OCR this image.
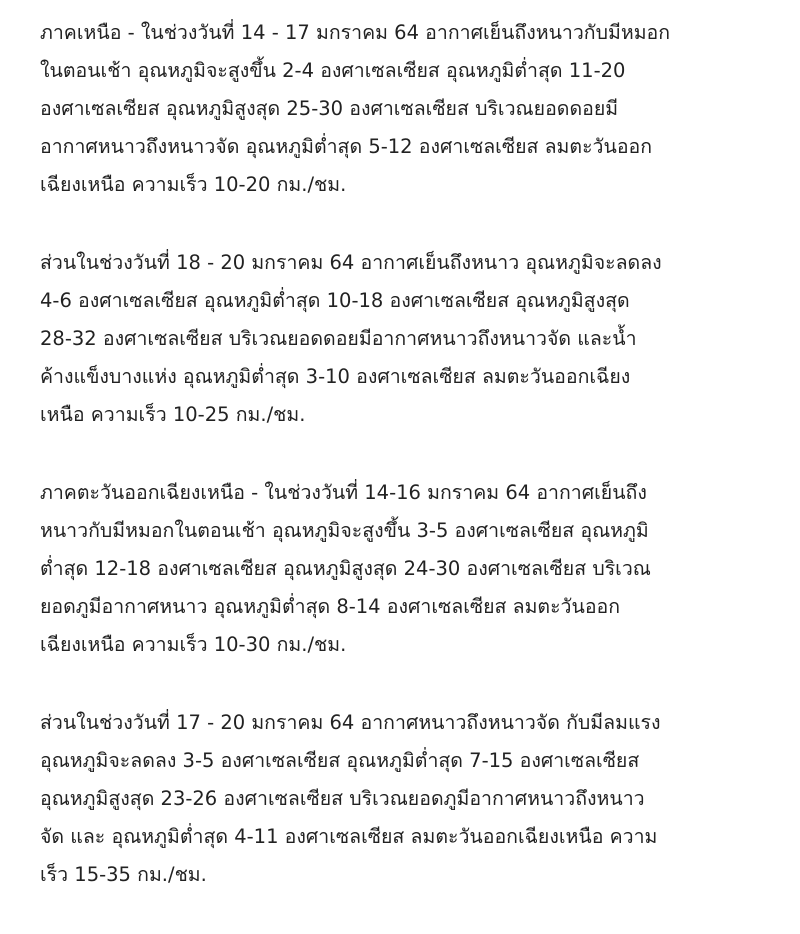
ภาคเหนือ - ในช่วงวันที่ 14 - 17 มกราคม 64 อากาศเย็นถึงหนาวกับมีหมอก
ในตอนเช้า อุณหภูมิจะสูงขึ้น 2-4 องศาเซลเซียส อุณหภูมิต่ำสุด 11-20
องศาเซลเซียส อุณหภูมิสูงสุด 25-30 องศาเซลเซียส บริเวณยอดดอยมี
อากาศหนาวถึงหนาวจัด อุณหภูมิต่ำสุด 5-12 องศาเซลเซียส ลมตะวันออก
เฉียงเหนือ ความเร็ว 10-20 กม./ชม.

ส่วนในช่วงวันที่ 18 - 20 มกราคม 64 อากาศเย็นถึงหนาว อุณหภูมิจะลดลง
4-6 องศาเซลเซียส อุณหภูมิต่ำสุด 10-18 องศาเซลเซียส อุณหภูมิสูงสุด
28-32 องศาเซลเซียส บริเวณยอดดอยมีอากาศหนาวถึงหนาวจัด และน้ำ
ค้างแข็งบางแห่ง อุณหภูมิต่ำสุด 3-10 องศาเซลเซียส ลมตะวันออกเฉียง
เหนือ ความเร็ว 10-25 กม./ชม.

ภาคตะวันออกเฉียงเหนือ - ในช่วงวันที่ 14-16 มกราคม 64 อากาศเย็นถึง
หนาวกับมีหมอกในตอนเช้า อุณหภูมิจะสูงขึ้น 3-5 องศาเซลเซียส อุณหภูมิ
ต่ำสุด 12-18 องศาเซลเซียส อุณหภูมิสูงสุด 24-30 องศาเซลเซียส บริเวณ
ยอดภูมีอากาศหนาว อุณหภูมิต่ำสุด 8-14 องศาเซลเซียส ลมตะวันออก
เฉียงเหนือ ความเร็ว 10-30 กม./ชม.

ส่วนในช่วงวันที่ 17 - 20 มกราคม 64 อากาศหนาวถึงหนาวจัด กับมีลมแรง
อุณหภูมิจะลดลง 3-5 องศาเซลเซียส อุณหภูมิต่ำสุด 7-15 องศาเซลเซียส
อุณหภูมิสูงสุด 23-26 องศาเซลเซียส บริเวณยอดภูมีอากาศหนาวถึงหนาว
จัด และ อุณหภูมิต่ำสุด 4-11 องศาเซลเซียส ลมตะวันออกเฉียงเหนือ ความ
เร็ว 15-35 กม./ชม.
